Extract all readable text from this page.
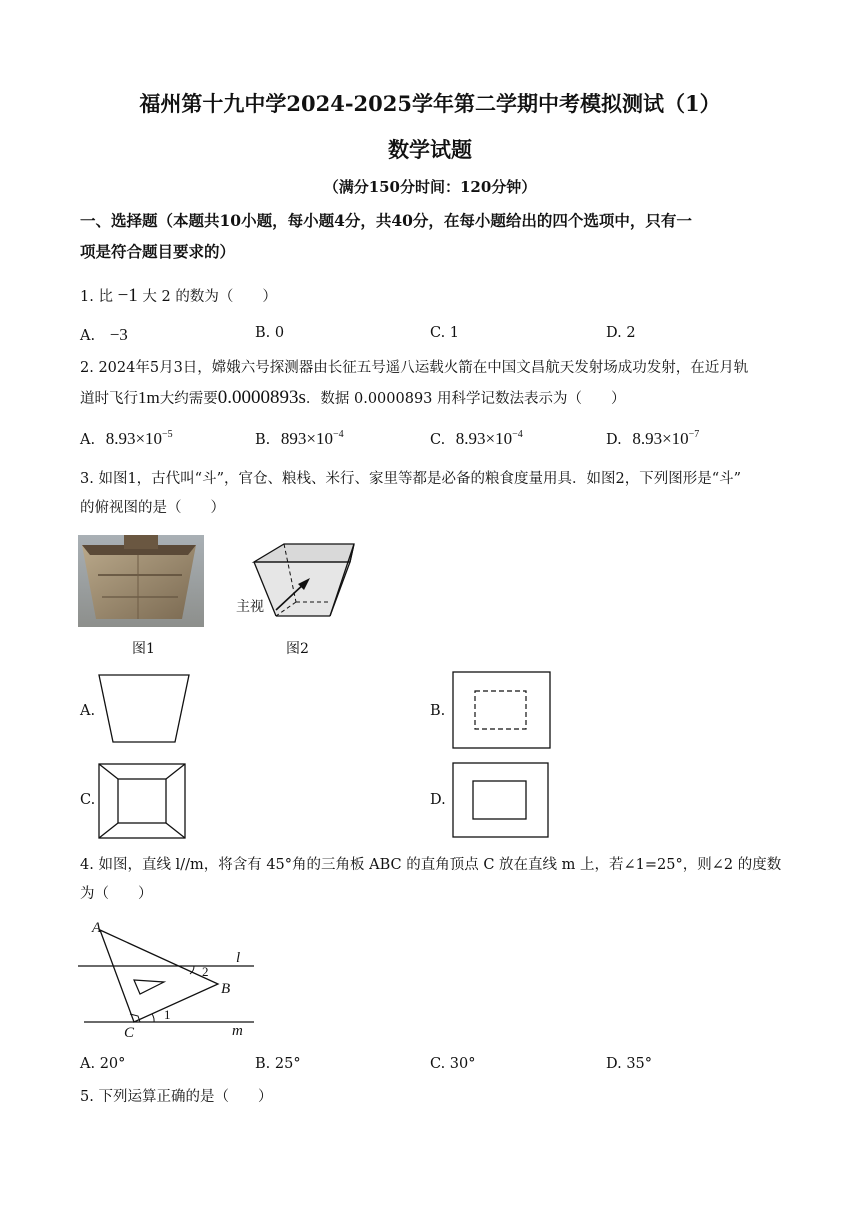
福州第十九中学2024-2025学年第二学期中考模拟测试（1）
数学试题
（满分150分时间：120分钟）
一、选择题（本题共10小题，每小题4分，共40分，在每小题给出的四个选项中，只有一
项是符合题目要求的）
1. 比 −1 大 2 的数为（　　）
A. −3	B. 0	C. 1	D. 2
2. 2024年5月3日，嫦娥六号探测器由长征五号遥八运载火箭在中国文昌航天发射场成功发射，在近月轨
道时飞行1m大约需要0.0000893s．数据 0.0000893 用科学记数法表示为（　　）
A. $8.93\times 10^{-5}$	B. $893\times 10^{-4}$	C. $8.93\times 10^{-4}$	D. $8.93\times 10^{-7}$
3. 如图1，古代叫“斗”，官仓、粮栈、米行、家里等都是必备的粮食度量用具．如图2，下列图形是“斗”
的俯视图的是（　　）
图1
主视
图2
A.	B.
C.	D.
4. 如图，直线 l//m，将含有 45°角的三角板 ABC 的直角顶点 C 放在直线 m 上，若∠1=25°，则∠2 的度数
为（　　）
A
B
C
l
m
1
2
A. 20°	B. 25°	C. 30°	D. 35°
5. 下列运算正确的是（　　）
